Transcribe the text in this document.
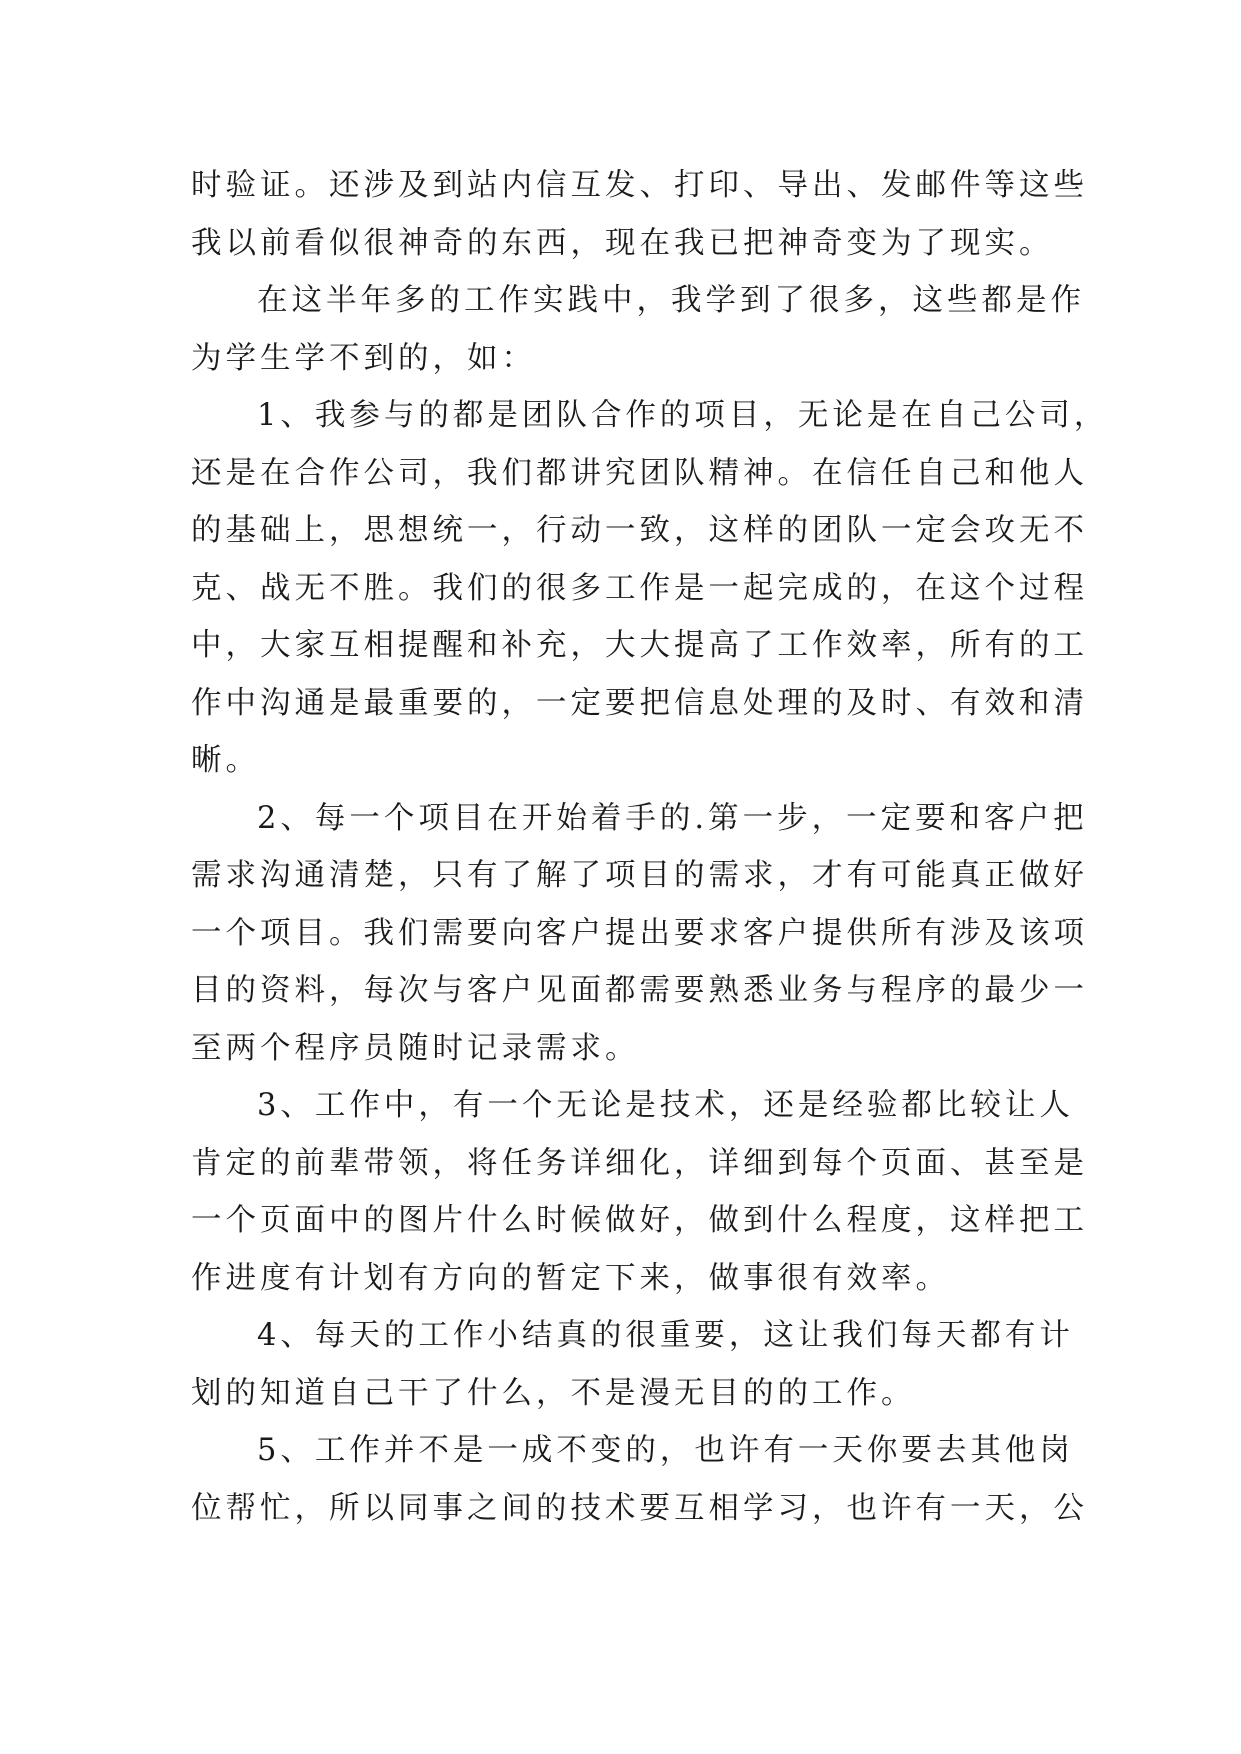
时验证。还涉及到站内信互发、打印、导出、发邮件等这些
我以前看似很神奇的东西，现在我已把神奇变为了现实。
在这半年多的工作实践中，我学到了很多，这些都是作
为学生学不到的，如：
1、我参与的都是团队合作的项目，无论是在自己公司，
还是在合作公司，我们都讲究团队精神。在信任自己和他人
的基础上，思想统一，行动一致，这样的团队一定会攻无不
克、战无不胜。我们的很多工作是一起完成的，在这个过程
中，大家互相提醒和补充，大大提高了工作效率，所有的工
作中沟通是最重要的，一定要把信息处理的及时、有效和清
晰。
2、每一个项目在开始着手的.第一步，一定要和客户把
需求沟通清楚，只有了解了项目的需求，才有可能真正做好
一个项目。我们需要向客户提出要求客户提供所有涉及该项
目的资料，每次与客户见面都需要熟悉业务与程序的最少一
至两个程序员随时记录需求。
3、工作中，有一个无论是技术，还是经验都比较让人
肯定的前辈带领，将任务详细化，详细到每个页面、甚至是
一个页面中的图片什么时候做好，做到什么程度，这样把工
作进度有计划有方向的暂定下来，做事很有效率。
4、每天的工作小结真的很重要，这让我们每天都有计
划的知道自己干了什么，不是漫无目的的工作。
5、工作并不是一成不变的，也许有一天你要去其他岗
位帮忙，所以同事之间的技术要互相学习，也许有一天，公
